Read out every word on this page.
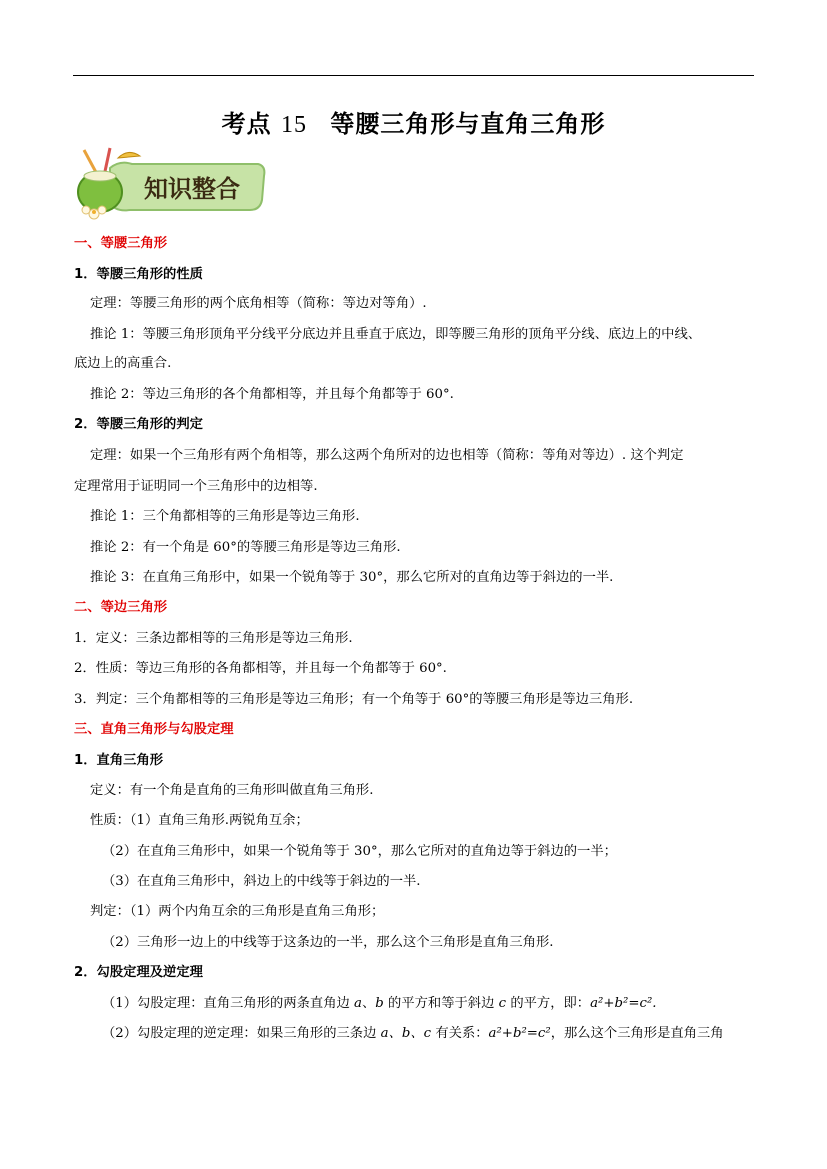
考点 15 等腰三角形与直角三角形
知识整合
一、等腰三角形
1．等腰三角形的性质
定理：等腰三角形的两个底角相等（简称：等边对等角）.
推论 1：等腰三角形顶角平分线平分底边并且垂直于底边，即等腰三角形的顶角平分线、底边上的中线、
底边上的高重合.
推论 2：等边三角形的各个角都相等，并且每个角都等于 60°.
2．等腰三角形的判定
定理：如果一个三角形有两个角相等，那么这两个角所对的边也相等（简称：等角对等边）. 这个判定
定理常用于证明同一个三角形中的边相等.
推论 1：三个角都相等的三角形是等边三角形.
推论 2：有一个角是 60°的等腰三角形是等边三角形.
推论 3：在直角三角形中，如果一个锐角等于 30°，那么它所对的直角边等于斜边的一半.
二、等边三角形
1．定义：三条边都相等的三角形是等边三角形.
2．性质：等边三角形的各角都相等，并且每一个角都等于 60°.
3．判定：三个角都相等的三角形是等边三角形；有一个角等于 60°的等腰三角形是等边三角形.
三、直角三角形与勾股定理
1．直角三角形
定义：有一个角是直角的三角形叫做直角三角形.
性质：（1）直角三角形.两锐角互余；
（2）在直角三角形中，如果一个锐角等于 30°，那么它所对的直角边等于斜边的一半；
（3）在直角三角形中，斜边上的中线等于斜边的一半.
判定：（1）两个内角互余的三角形是直角三角形；
（2）三角形一边上的中线等于这条边的一半，那么这个三角形是直角三角形.
2．勾股定理及逆定理
（1）勾股定理：直角三角形的两条直角边 a、b 的平方和等于斜边 c 的平方，即：a²+b²=c².
（2）勾股定理的逆定理：如果三角形的三条边 a、b、c 有关系：a²+b²=c²，那么这个三角形是直角三角
